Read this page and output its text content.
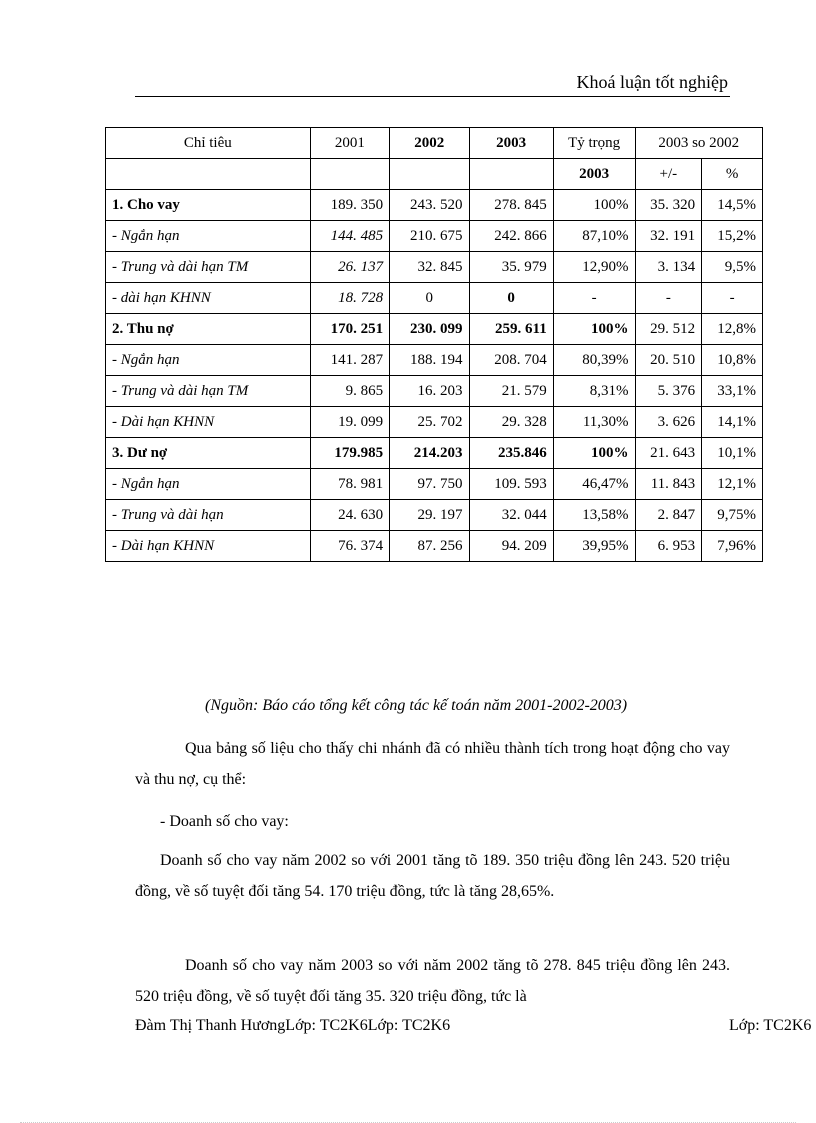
Khoá luận tốt nghiệp
Chỉ tiêu	2001	2002	2003	Tỷ trọng	2003 so 2002	
				2003	+/-	%
1. Cho vay	189. 350	243. 520	278. 845	100%	35. 320	14,5%
- Ngắn hạn	144. 485	210. 675	242. 866	87,10%	32. 191	15,2%
- Trung và dài hạn TM	26. 137	32. 845	35. 979	12,90%	3. 134	9,5%
- dài hạn KHNN	18. 728	0	0	-	-	-
2. Thu nợ	170. 251	230. 099	259. 611	100%	29. 512	12,8%
- Ngắn hạn	141. 287	188. 194	208. 704	80,39%	20. 510	10,8%
- Trung và dài hạn TM	9. 865	16. 203	21. 579	8,31%	5. 376	33,1%
- Dài hạn KHNN	19. 099	25. 702	29. 328	11,30%	3. 626	14,1%
3. Dư nợ	179.985	214.203	235.846	100%	21. 643	10,1%
- Ngắn hạn	78. 981	97. 750	109. 593	46,47%	11. 843	12,1%
- Trung và dài hạn	24. 630	29. 197	32. 044	13,58%	2. 847	9,75%
- Dài hạn KHNN	76. 374	87. 256	94. 209	39,95%	6. 953	7,96%
(Nguồn: Báo cáo tổng kết công tác kế toán năm 2001-2002-2003)
Qua bảng số liệu cho thấy chi nhánh đã có nhiều thành tích trong hoạt động cho vay và thu nợ, cụ thể:
- Doanh số cho vay:
Doanh số cho vay năm 2002 so với 2001 tăng tõ 189. 350 triệu đồng lên 243. 520 triệu đồng, về số tuyệt đối tăng 54. 170 triệu đồng, tức là tăng 28,65%.
Doanh số cho vay năm 2003 so với năm 2002 tăng tõ 278. 845 triệu đồng lên 243. 520 triệu đồng, về số tuyệt đối tăng 35. 320 triệu đồng, tức là
Đàm Thị Thanh HươngLớp: TC2K6Lớp: TC2K6	Lớp: TC2K6
